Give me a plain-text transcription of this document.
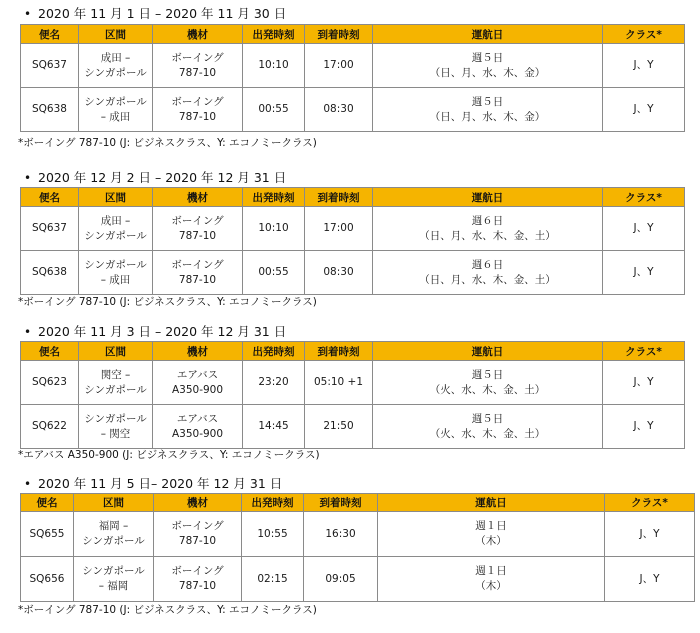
• 2020 年 11 月 1 日 – 2020 年 11 月 30 日
便名	区間	機材	出発時刻	到着時刻	運航日	クラス*
SQ637	成田 –
シンガポール	ボーイング
787-10	10:10	17:00	週５日
（日、月、水、木、金）	J、Y
SQ638	シンガポール
– 成田	ボーイング
787-10	00:55	08:30	週５日
（日、月、水、木、金）	J、Y
*ボーイング 787-10 (J: ビジネスクラス、Y: エコノミークラス)
• 2020 年 12 月 2 日 – 2020 年 12 月 31 日
便名	区間	機材	出発時刻	到着時刻	運航日	クラス*
SQ637	成田 –
シンガポール	ボーイング
787-10	10:10	17:00	週６日
（日、月、水、木、金、土）	J、Y
SQ638	シンガポール
– 成田	ボーイング
787-10	00:55	08:30	週６日
（日、月、水、木、金、土）	J、Y
*ボーイング 787-10 (J: ビジネスクラス、Y: エコノミークラス)
• 2020 年 11 月 3 日 – 2020 年 12 月 31 日
便名	区間	機材	出発時刻	到着時刻	運航日	クラス*
SQ623	関空 –
シンガポール	エアバス
A350-900	23:20	05:10 +1	週５日
（火、水、木、金、土）	J、Y
SQ622	シンガポール
– 関空	エアバス
A350-900	14:45	21:50	週５日
（火、水、木、金、土）	J、Y
*エアバス A350-900 (J: ビジネスクラス、Y: エコノミークラス)
• 2020 年 11 月 5 日– 2020 年 12 月 31 日
便名	区間	機材	出発時刻	到着時刻	運航日	クラス*
SQ655	福岡 –
シンガポール	ボーイング
787-10	10:55	16:30	週１日
（木）	J、Y
SQ656	シンガポール
– 福岡	ボーイング
787-10	02:15	09:05	週１日
（木）	J、Y
*ボーイング 787-10 (J: ビジネスクラス、Y: エコノミークラス)
